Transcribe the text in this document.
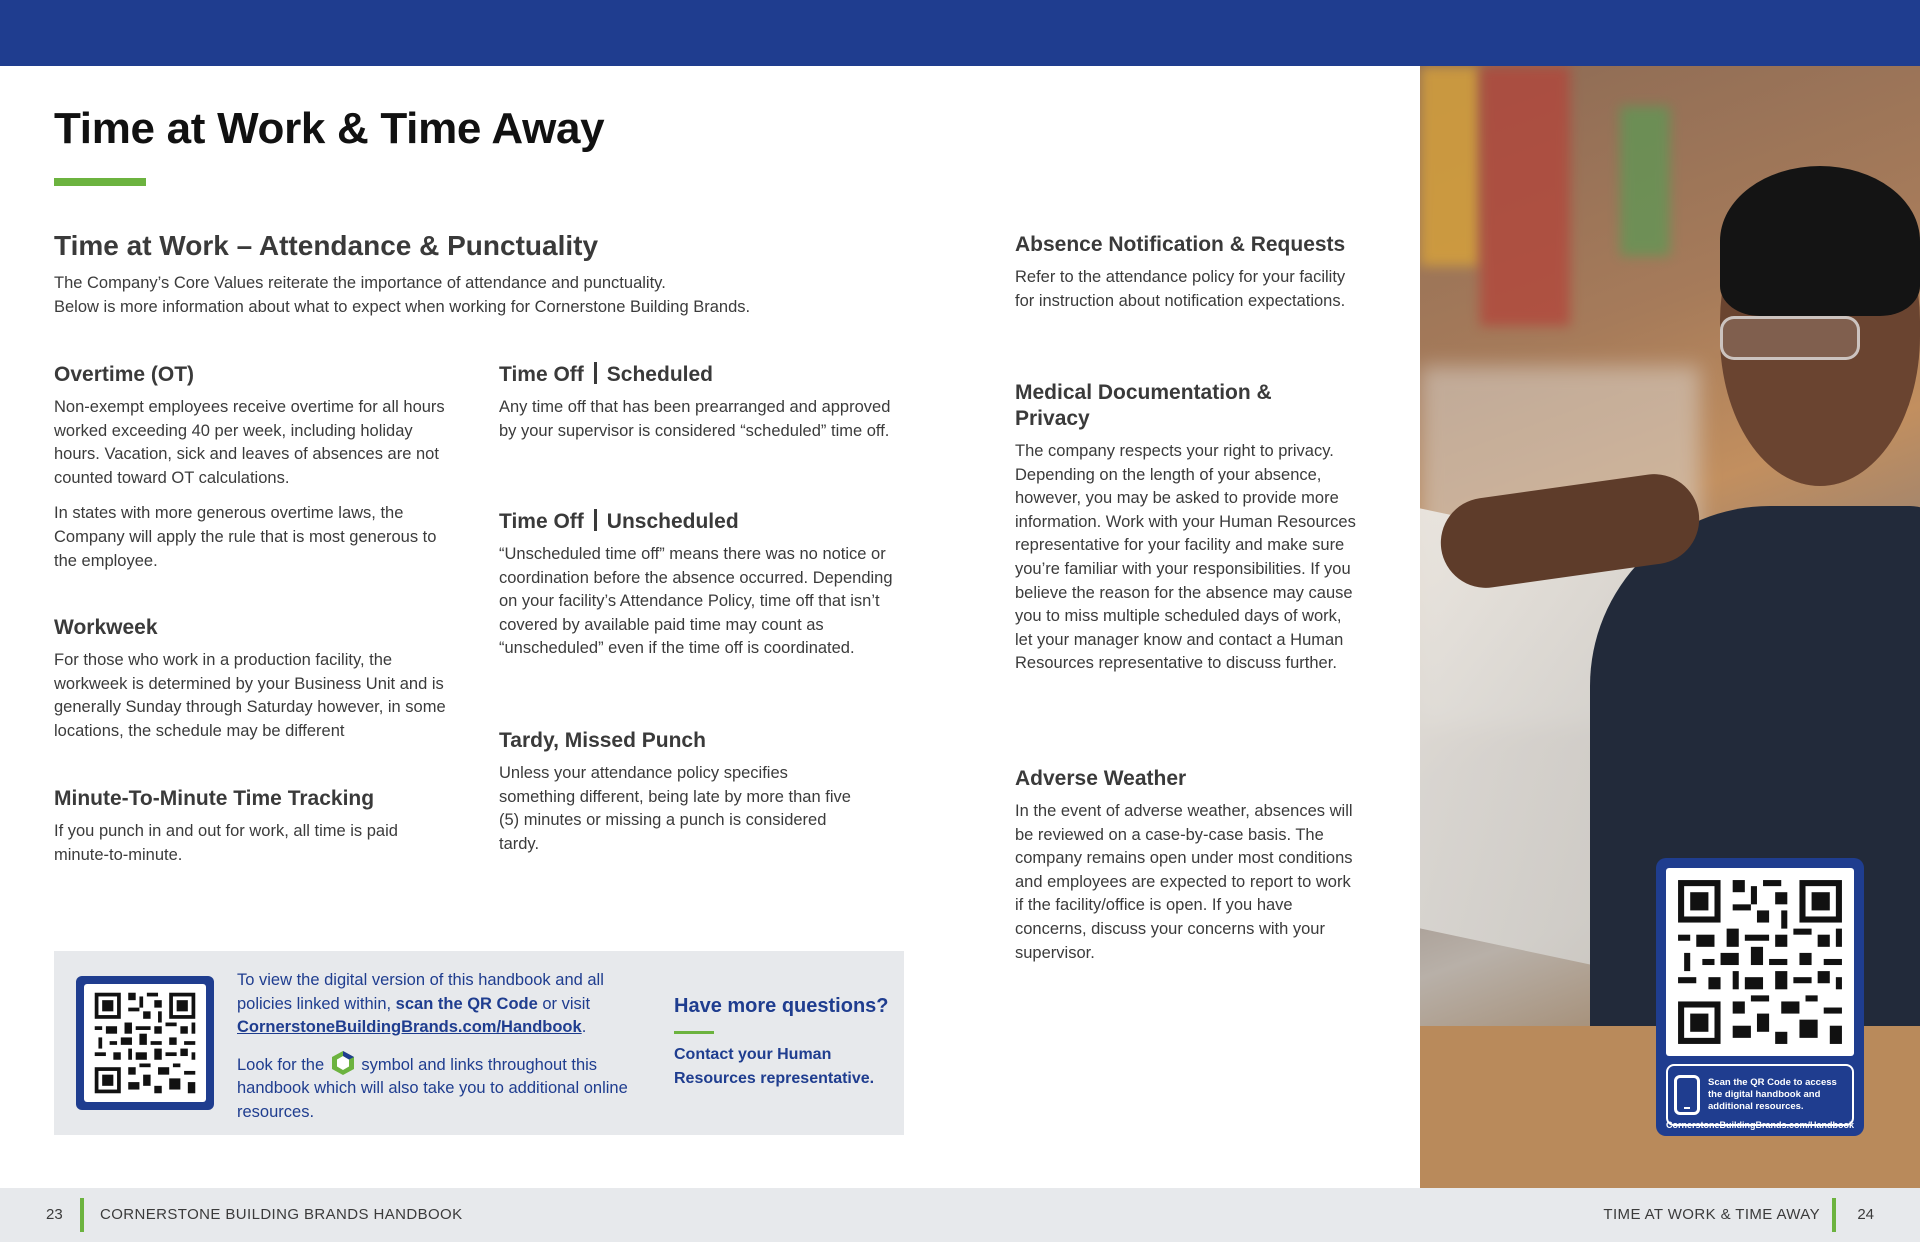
Time at Work & Time Away
Time at Work – Attendance & Punctuality
The Company’s Core Values reiterate the importance of attendance and punctuality.
Below is more information about what to expect when working for Cornerstone Building Brands.
Overtime (OT)

Non-exempt employees receive overtime for all hours worked exceeding 40 per week, including holiday hours. Vacation, sick and leaves of absences are not counted toward OT calculations.

In states with more generous overtime laws, the Company will apply the rule that is most generous to the employee.

Workweek

For those who work in a production facility, the workweek is determined by your Business Unit and is generally Sunday through Saturday however, in some locations, the schedule may be different

Minute-To-Minute Time Tracking

If you punch in and out for work, all time is paid minute-to-minute.

Time Off Scheduled

Any time off that has been prearranged and approved by your supervisor is considered “scheduled” time off.

Time Off Unscheduled

“Unscheduled time off” means there was no notice or coordination before the absence occurred. Depending on your facility’s Attendance Policy, time off that isn’t covered by available paid time may count as “unscheduled” even if the time off is coordinated.

Tardy, Missed Punch

Unless your attendance policy specifies something different, being late by more than five (5) minutes or missing a punch is considered tardy.

Absence Notification & Requests

Refer to the attendance policy for your facility for instruction about notification expectations.

Medical Documentation & Privacy

The company respects your right to privacy. Depending on the length of your absence, however, you may be asked to provide more information. Work with your Human Resources representative for your facility and make sure you’re familiar with your responsibilities. If you believe the reason for the absence may cause you to miss multiple scheduled days of work, let your manager know and contact a Human Resources representative to discuss further.

Adverse Weather

In the event of adverse weather, absences will be reviewed on a case-by-case basis. The company remains open under most conditions and employees are expected to report to work if the facility/office is open. If you have concerns, discuss your concerns with your supervisor.

To view the digital version of this handbook and all policies linked within, scan the QR Code or visit CornerstoneBuildingBrands.com/Handbook.

Look for the symbol and links throughout this handbook which will also take you to additional online resources.

Have more questions?
Contact your Human Resources representative.	Scan the QR Code to access the digital handbook and additional resources.
CornerstoneBuildingBrands.com/Handbook
23 CORNERSTONE BUILDING BRANDS HANDBOOK	TIME AT WORK & TIME AWAY 24
